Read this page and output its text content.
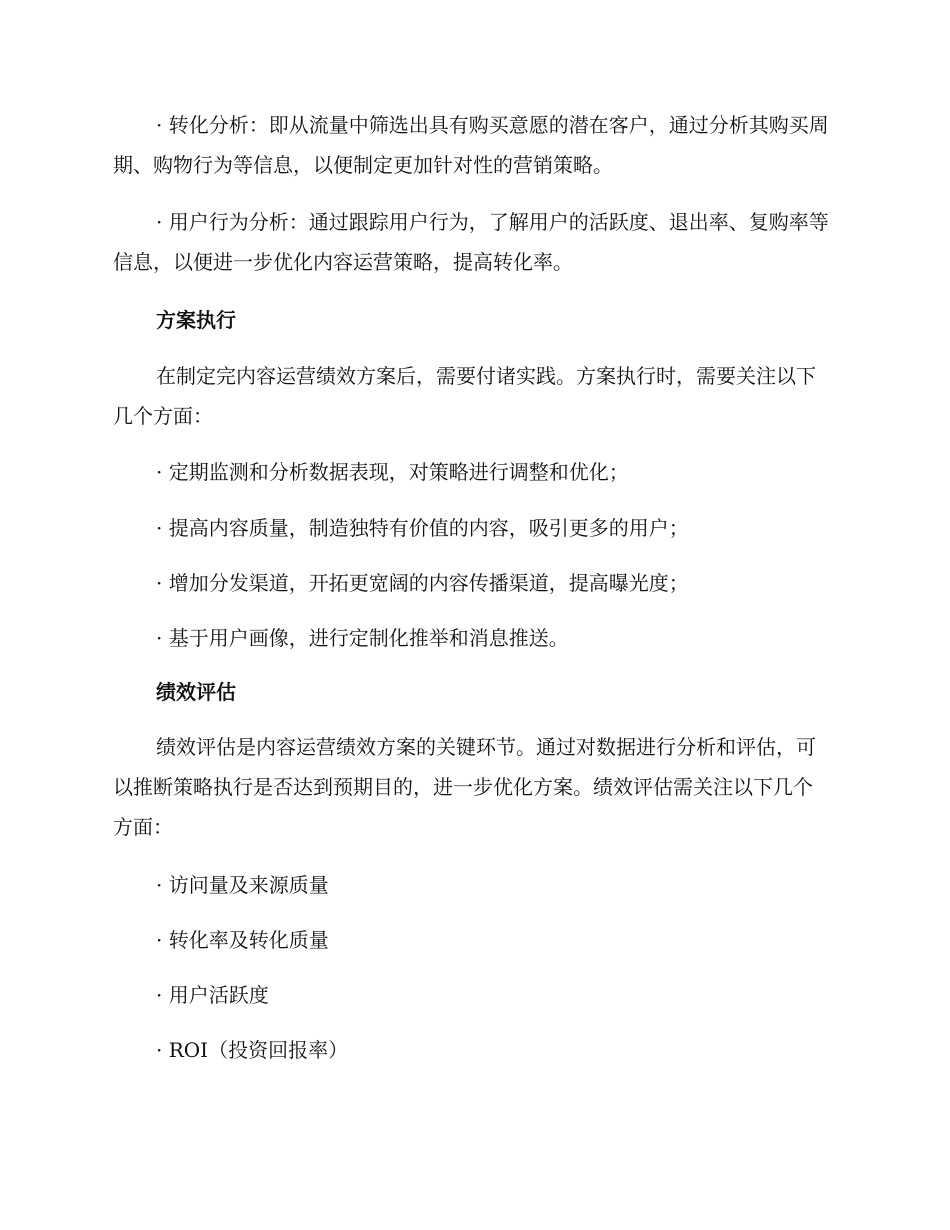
· 转化分析：即从流量中筛选出具有购买意愿的潜在客户，通过分析其购买周期、购物行为等信息，以便制定更加针对性的营销策略。

· 用户行为分析：通过跟踪用户行为，了解用户的活跃度、退出率、复购率等信息，以便进一步优化内容运营策略，提高转化率。

方案执行

在制定完内容运营绩效方案后，需要付诸实践。方案执行时，需要关注以下几个方面：

· 定期监测和分析数据表现，对策略进行调整和优化；

· 提高内容质量，制造独特有价值的内容，吸引更多的用户；

· 增加分发渠道，开拓更宽阔的内容传播渠道，提高曝光度；

· 基于用户画像，进行定制化推举和消息推送。

绩效评估

绩效评估是内容运营绩效方案的关键环节。通过对数据进行分析和评估，可以推断策略执行是否达到预期目的，进一步优化方案。绩效评估需关注以下几个方面：

· 访问量及来源质量

· 转化率及转化质量

· 用户活跃度

· ROI（投资回报率）
